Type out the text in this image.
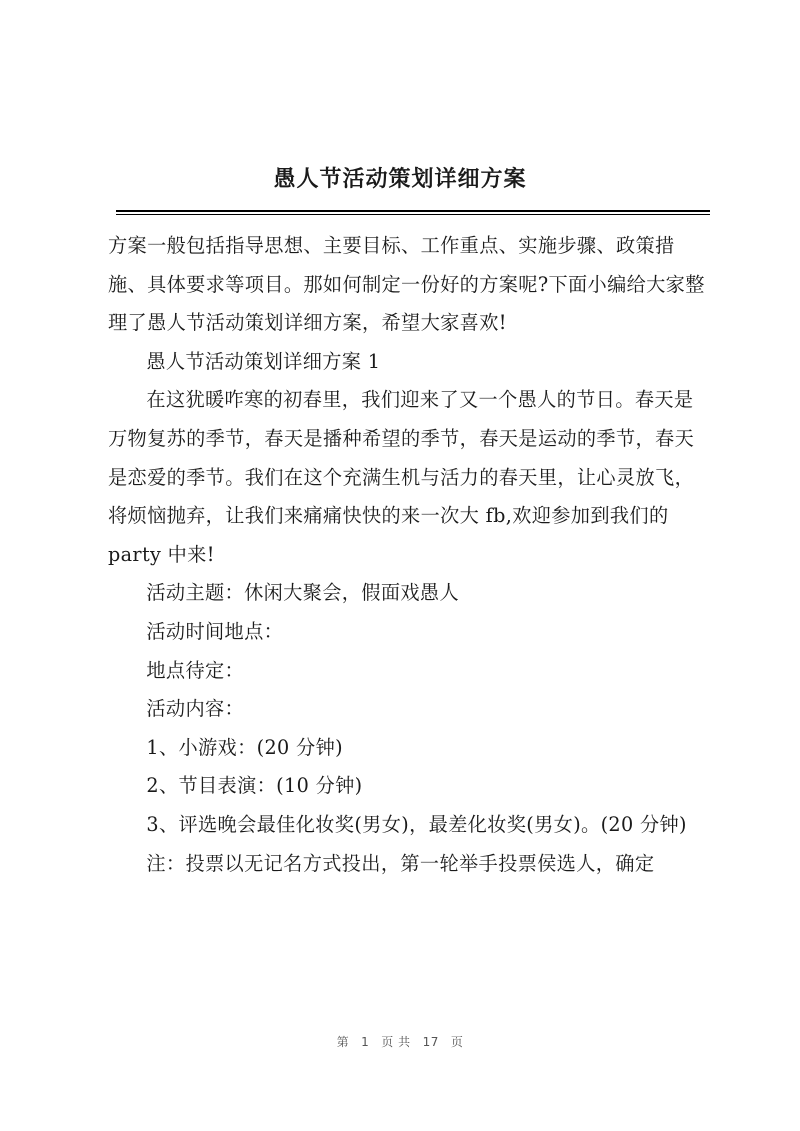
愚人节活动策划详细方案

方案一般包括指导思想、主要目标、工作重点、实施步骤、政策措施、具体要求等项目。那如何制定一份好的方案呢?下面小编给大家整理了愚人节活动策划详细方案，希望大家喜欢!

愚人节活动策划详细方案 1

在这犹暖咋寒的初春里，我们迎来了又一个愚人的节日。春天是万物复苏的季节，春天是播种希望的季节，春天是运动的季节，春天是恋爱的季节。我们在这个充满生机与活力的春天里，让心灵放飞，将烦恼抛弃，让我们来痛痛快快的来一次大 fb,欢迎参加到我们的party 中来!

活动主题：休闲大聚会，假面戏愚人

活动时间地点：

地点待定：

活动内容：

1、小游戏：(20 分钟)

2、节目表演：(10 分钟)

3、评选晚会最佳化妆奖(男女)，最差化妆奖(男女)。(20 分钟)

注：投票以无记名方式投出，第一轮举手投票侯选人，确定

第 1 页 共 17 页
